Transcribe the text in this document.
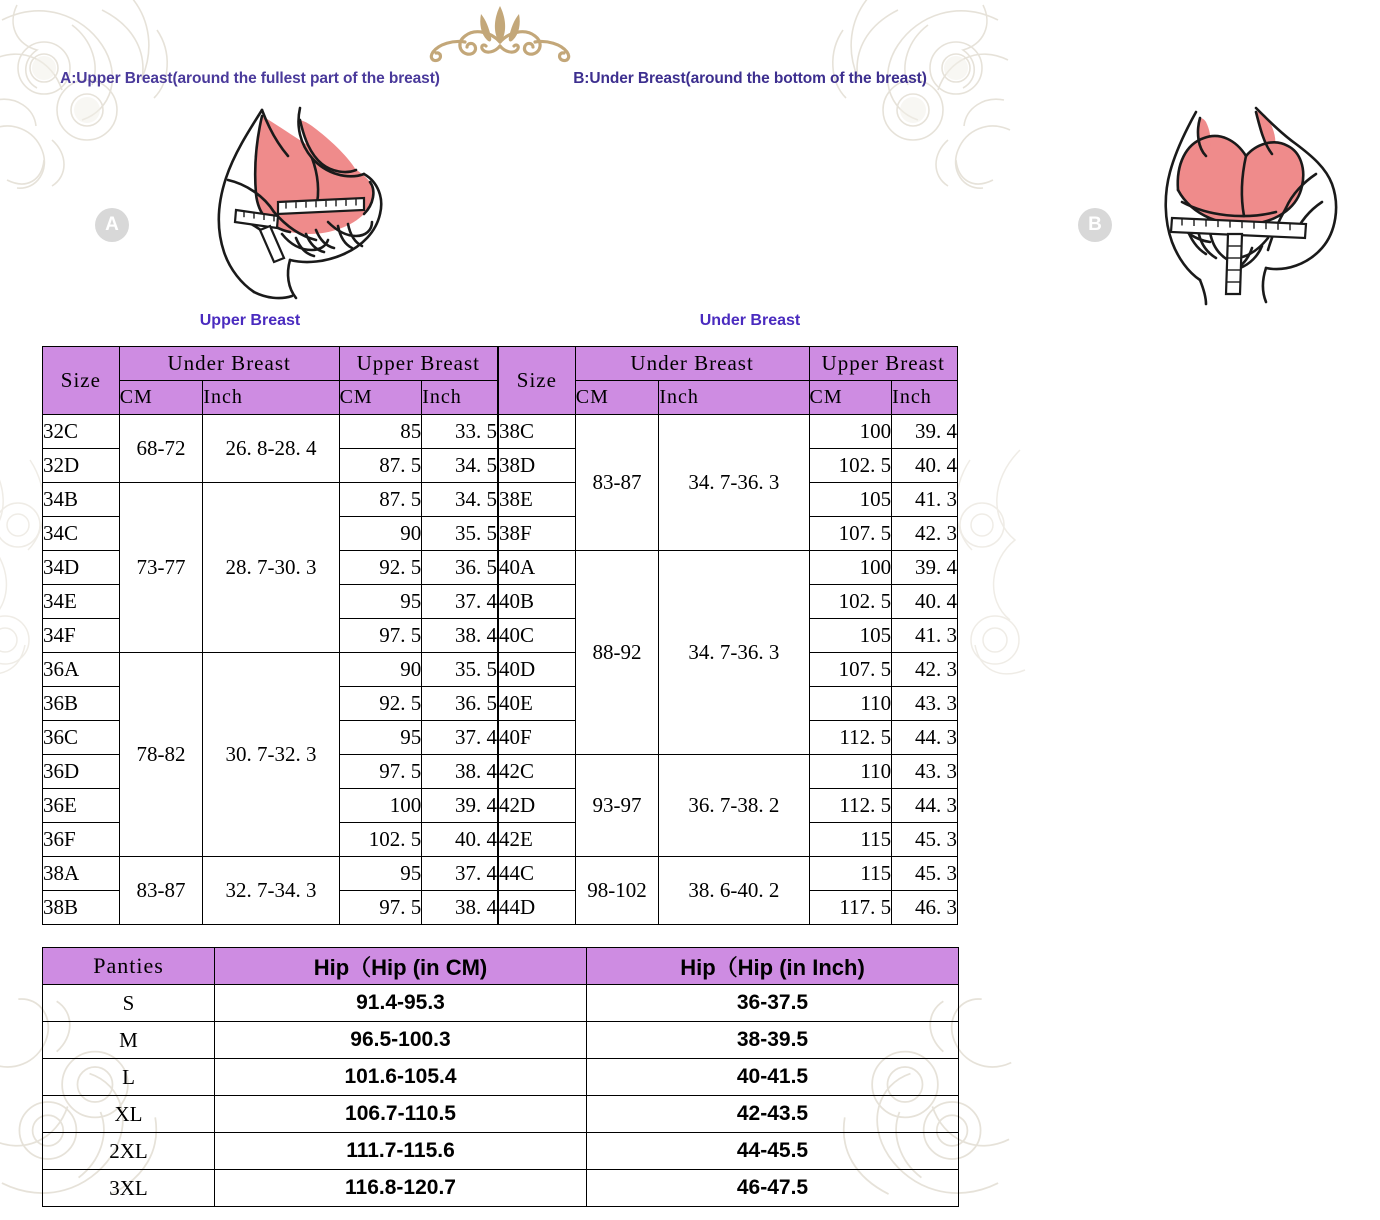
A:Upper Breast(around the fullest part of the breast)
A
Upper Breast
B:Under Breast(around the bottom of the breast)
B
Under Breast
Size	Under Breast		Upper Breast	
	CM	Inch	CM	Inch
32C	68-72	26. 8-28. 4	85	33. 5
32D			87. 5	34. 5
34B	73-77	28. 7-30. 3	87. 5	34. 5
34C			90	35. 5
34D			92. 5	36. 5
34E			95	37. 4
34F			97. 5	38. 4
36A	78-82	30. 7-32. 3	90	35. 5
36B			92. 5	36. 5
36C			95	37. 4
36D			97. 5	38. 4
36E			100	39. 4
36F			102. 5	40. 4
38A	83-87	32. 7-34. 3	95	37. 4
38B			97. 5	38. 4
Size	Under Breast		Upper Breast	
	CM	Inch	CM	Inch
38C	83-87	34. 7-36. 3	100	39. 4
38D			102. 5	40. 4
38E			105	41. 3
38F			107. 5	42. 3
40A	88-92	34. 7-36. 3	100	39. 4
40B			102. 5	40. 4
40C			105	41. 3
40D			107. 5	42. 3
40E			110	43. 3
40F			112. 5	44. 3
42C	93-97	36. 7-38. 2	110	43. 3
42D			112. 5	44. 3
42E			115	45. 3
44C	98-102	38. 6-40. 2	115	45. 3
44D			117. 5	46. 3
Panties	Hip（Hip (in CM)	Hip（Hip (in Inch)
S	91.4-95.3	36-37.5
M	96.5-100.3	38-39.5
L	101.6-105.4	40-41.5
XL	106.7-110.5	42-43.5
2XL	111.7-115.6	44-45.5
3XL	116.8-120.7	46-47.5
